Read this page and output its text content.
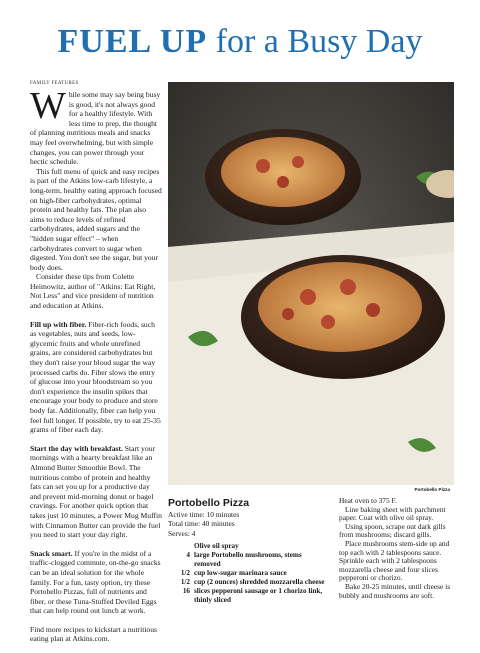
FUEL UP for a Busy Day
FAMILY FEATURES

While some may say being busy is good, it's not always good for a healthy lifestyle. With less time to prep, the thought of planning nutritious meals and snacks may feel overwhelming, but with simple changes, you can power through your hectic schedule.

This full menu of quick and easy recipes is part of the Atkins low-carb lifestyle, a long-term, healthy eating approach focused on high-fiber carbohydrates, optimal protein and healthy fats. The plan also aims to reduce levels of refined carbohydrates, added sugars and the "hidden sugar effect" – when carbohydrates convert to sugar when digested. You don't see the sugar, but your body does.

Consider these tips from Colette Heimowitz, author of "Atkins: Eat Right, Not Less" and vice president of nutrition and education at Atkins.

Fill up with fiber. Fiber-rich foods, such as vegetables, nuts and seeds, low-glycemic fruits and whole unrefined grains, are considered carbohydrates but they don't raise your blood sugar the way processed carbs do. Fiber slows the entry of glucose into your bloodstream so you don't experience the insulin spikes that encourage your body to produce and store body fat. Additionally, fiber can help you feel full longer. If possible, try to eat 25-35 grams of fiber each day.

Start the day with breakfast. Start your mornings with a hearty breakfast like an Almond Butter Smoothie Bowl. The nutritious combo of protein and healthy fats can set you up for a productive day and prevent mid-morning donut or bagel cravings. For another quick option that takes just 10 minutes, a Power Mug Muffin with Cinnamon Butter can provide the fuel you need to start your day right.

Snack smart. If you're in the midst of a traffic-clogged commute, on-the-go snacks can be an ideal solution for the whole family. For a fun, tasty option, try these Portobello Pizzas, full of nutrients and fiber, or these Tuna-Stuffed Deviled Eggs that can help round out lunch at work.

Find more recipes to kickstart a nutritious eating plan at Atkins.com.

Portobello Pizza
Portobello Pizza
Active time: 10 minutes
Total time: 40 minutes
Serves: 4
Olive oil spray
4 large Portobello mushrooms, stems removed
1/2 cup low-sugar marinara sauce
1/2 cup (2 ounces) shredded mozzarella cheese
16 slices pepperoni sausage or 1 chorizo link, thinly sliced

Heat oven to 375 F.

Line baking sheet with parchment paper. Coat with olive oil spray.

Using spoon, scrape out dark gills from mushrooms; discard gills.

Place mushrooms stem-side up and top each with 2 tablespoons sauce. Sprinkle each with 2 tablespoons mozzarella cheese and four slices pepperoni or chorizo.

Bake 20-25 minutes, until cheese is bubbly and mushrooms are soft.
